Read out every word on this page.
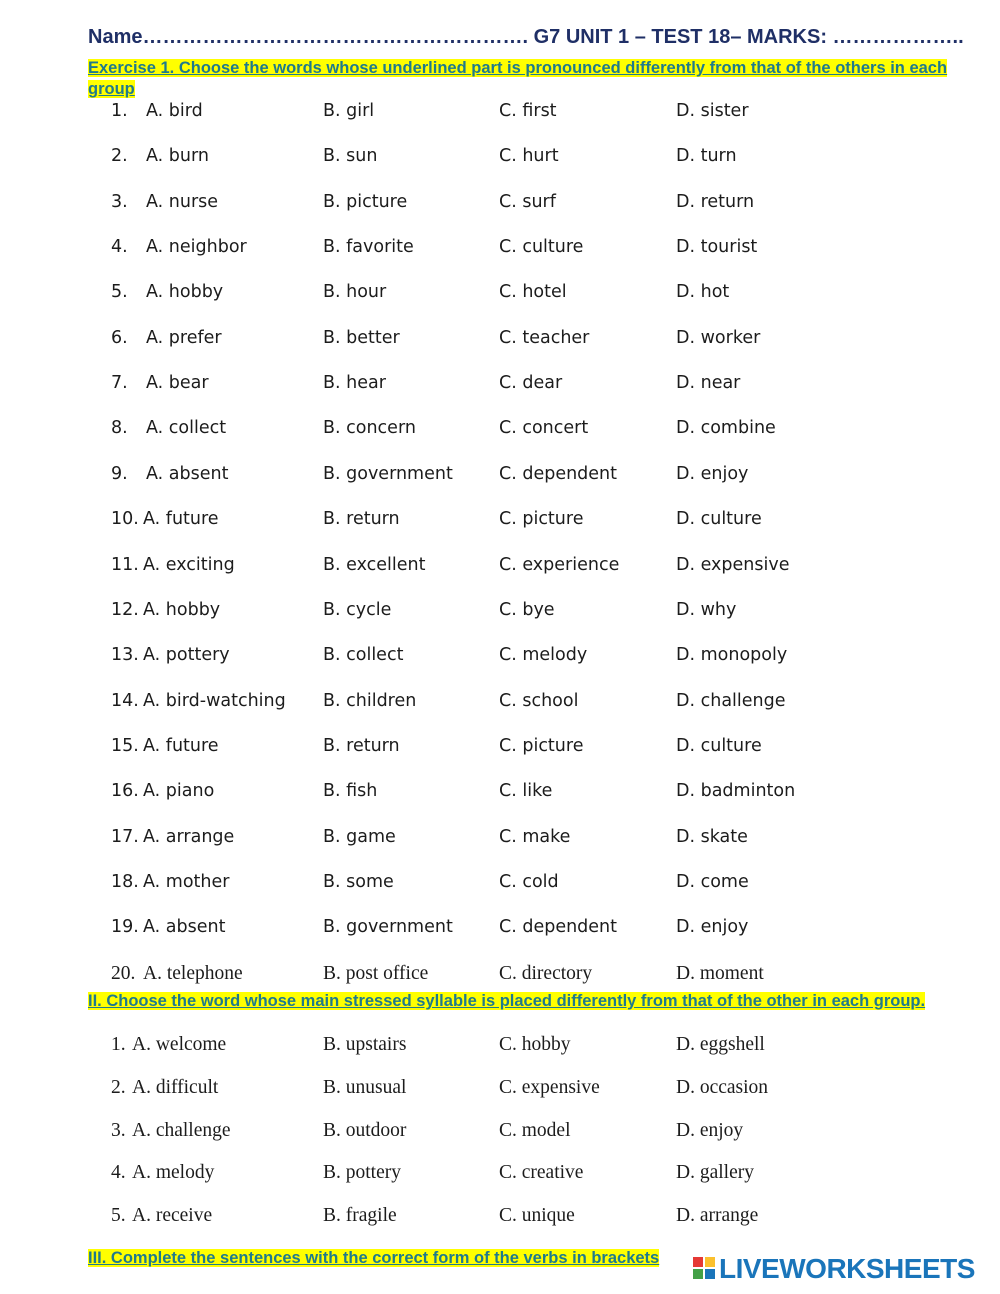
Name…………………………………………………. G7 UNIT 1 – TEST 18– MARKS: ………………..
Exercise 1. Choose the words whose underlined part is pronounced differently from that of the others in each group
1. A. bird	B. girl	C. first	D. sister
2. A. burn	B. sun	C. hurt	D. turn
3. A. nurse	B. picture	C. surf	D. return
4. A. neighbor	B. favorite	C. culture	D. tourist
5. A. hobby	B. hour	C. hotel	D. hot
6. A. prefer	B. better	C. teacher	D. worker
7. A. bear	B. hear	C. dear	D. near
8. A. collect	B. concern	C. concert	D. combine
9. A. absent	B. government	C. dependent	D. enjoy
10. A. future	B. return	C. picture	D. culture
11. A. exciting	B. excellent	C. experience	D. expensive
12. A. hobby	B. cycle	C. bye	D. why
13. A. pottery	B. collect	C. melody	D. monopoly
14. A. bird-watching B. children	C. school	D. challenge
15. A. future	B. return	C. picture	D. culture
16. A. piano	B. fish	C. like	D. badminton
17. A. arrange	B. game	C. make	D. skate
18. A. mother	B. some	C. cold	D. come
19. A. absent	B. government	C. dependent	D. enjoy
20. A. telephone	B. post office	C. directory	D. moment
II. Choose the word whose main stressed syllable is placed differently from that of the other in each group.
1. A. welcome	B. upstairs	C. hobby	D. eggshell
2. A. difficult	B. unusual	C. expensive	D. occasion
3. A. challenge	B. outdoor	C. model	D. enjoy
4. A. melody	B. pottery	C. creative	D. gallery
5. A. receive	B. fragile	C. unique	D. arrange
III. Complete the sentences with the correct form of the verbs in brackets	LIVEWORKSHEETS
